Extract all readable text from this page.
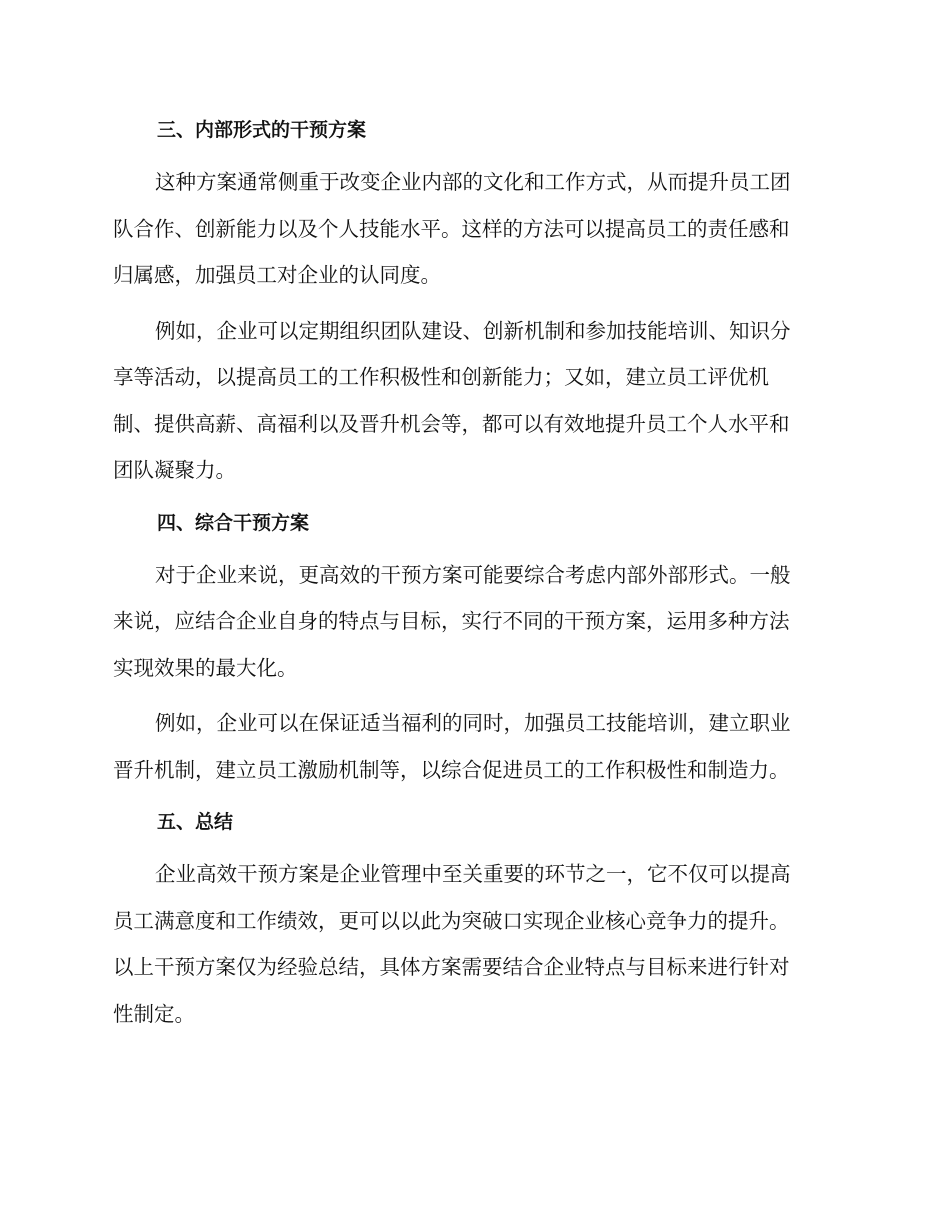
三、内部形式的干预方案

这种方案通常侧重于改变企业内部的文化和工作方式，从而提升员工团
队合作、创新能力以及个人技能水平。这样的方法可以提高员工的责任感和
归属感，加强员工对企业的认同度。

例如，企业可以定期组织团队建设、创新机制和参加技能培训、知识分
享等活动，以提高员工的工作积极性和创新能力；又如，建立员工评优机
制、提供高薪、高福利以及晋升机会等，都可以有效地提升员工个人水平和
团队凝聚力。

四、综合干预方案

对于企业来说，更高效的干预方案可能要综合考虑内部外部形式。一般
来说，应结合企业自身的特点与目标，实行不同的干预方案，运用多种方法
实现效果的最大化。

例如，企业可以在保证适当福利的同时，加强员工技能培训，建立职业
晋升机制，建立员工激励机制等，以综合促进员工的工作积极性和制造力。

五、总结

企业高效干预方案是企业管理中至关重要的环节之一，它不仅可以提高
员工满意度和工作绩效，更可以以此为突破口实现企业核心竞争力的提升。
以上干预方案仅为经验总结，具体方案需要结合企业特点与目标来进行针对
性制定。
